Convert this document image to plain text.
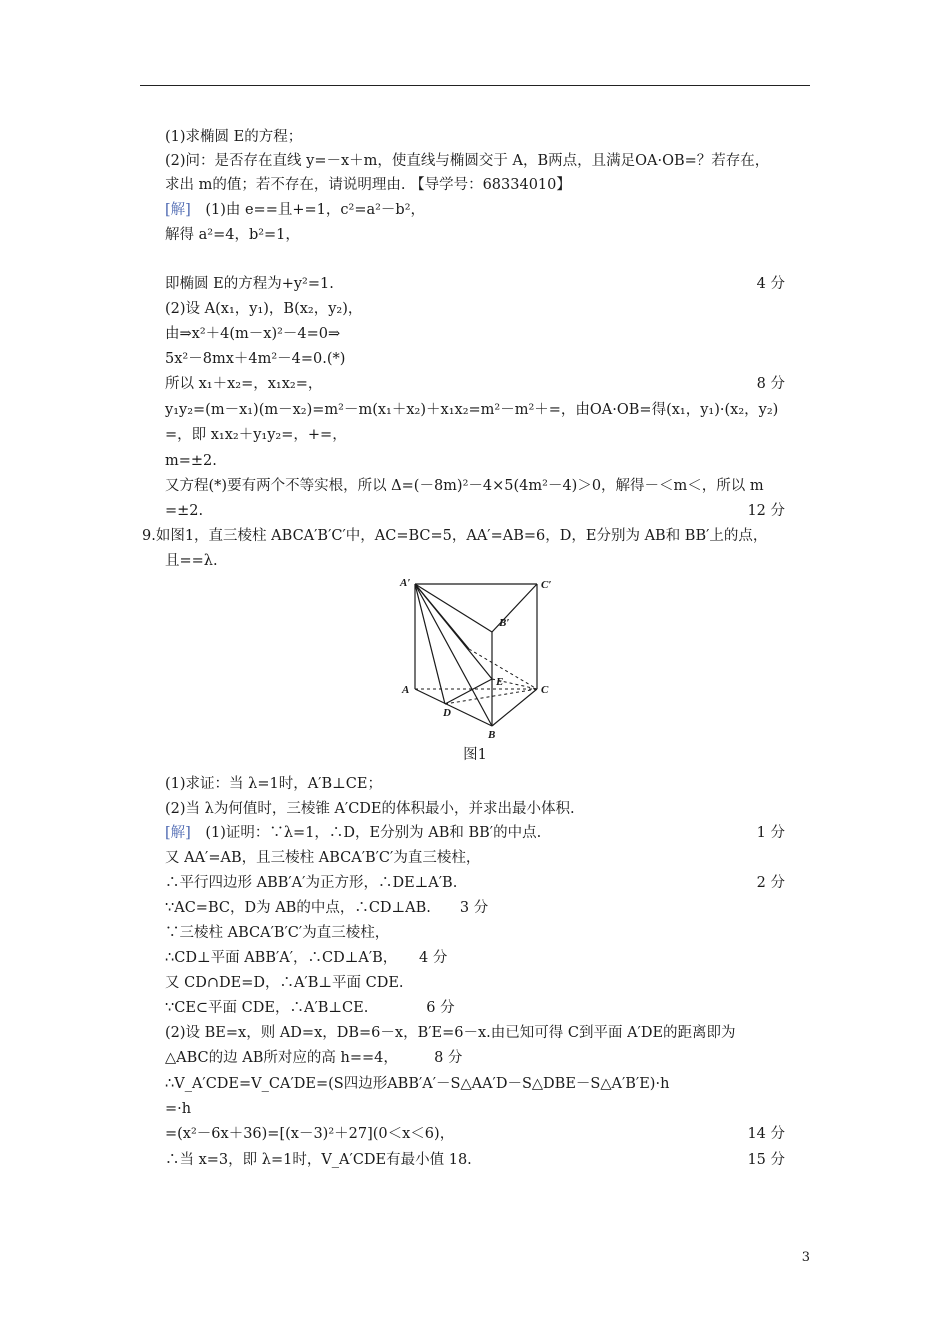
(1)求椭圆 E的方程；
(2)问：是否存在直线 y=－x＋m，使直线与椭圆交于 A，B两点，且满足OA·OB=？若存在，
求出 m的值；若不存在，请说明理由. 【导学号：68334010】
[解]　(1)由 e==且+=1，c²=a²－b²，
解得 a²=4，b²=1，
即椭圆 E的方程为+y²=1.	4 分
(2)设 A(x₁，y₁)，B(x₂，y₂)，
由⇒x²＋4(m－x)²－4=0⇒
5x²－8mx＋4m²－4=0.(*)
所以 x₁＋x₂=，x₁x₂=，	8 分
y₁y₂=(m－x₁)(m－x₂)=m²－m(x₁＋x₂)＋x₁x₂=m²－m²＋=，由OA·OB=得(x₁，y₁)·(x₂，y₂)
=，即 x₁x₂＋y₁y₂=，+=，
m=±2.
又方程(*)要有两个不等实根，所以 Δ=(－8m)²－4×5(4m²－4)＞0，解得－＜m＜，所以 m
=±2.	12 分
9.如图1，直三棱柱 ABCA′B′C′中，AC=BC=5，AA′=AB=6，D，E分别为 AB和 BB′上的点，
且==λ.
图1
(1)求证：当 λ=1时，A′B⊥CE；
(2)当 λ为何值时，三棱锥 A′CDE的体积最小，并求出最小体积.
[解]　(1)证明：∵λ=1，∴D，E分别为 AB和 BB′的中点.	1 分
又 AA′=AB，且三棱柱 ABCA′B′C′为直三棱柱，
∴平行四边形 ABB′A′为正方形，∴DE⊥A′B.	2 分
∵AC=BC，D为 AB的中点，∴CD⊥AB.　　3 分
∵三棱柱 ABCA′B′C′为直三棱柱，
∴CD⊥平面 ABB′A′，∴CD⊥A′B，　　4 分
又 CD∩DE=D，∴A′B⊥平面 CDE.
∵CE⊂平面 CDE，∴A′B⊥CE.　　　　6 分
(2)设 BE=x，则 AD=x，DB=6－x，B′E=6－x.由已知可得 C到平面 A′DE的距离即为
△ABC的边 AB所对应的高 h==4，　　　8 分
∴V_A′CDE=V_CA′DE=(S四边形ABB′A′－S△AA′D－S△DBE－S△A′B′E)·h
=·h
=(x²－6x＋36)=[(x－3)²＋27](0＜x＜6)，	14 分
∴当 x=3，即 λ=1时，V_A′CDE有最小值 18.	15 分
A′	C′
B′
A
E
C
D
B
3
